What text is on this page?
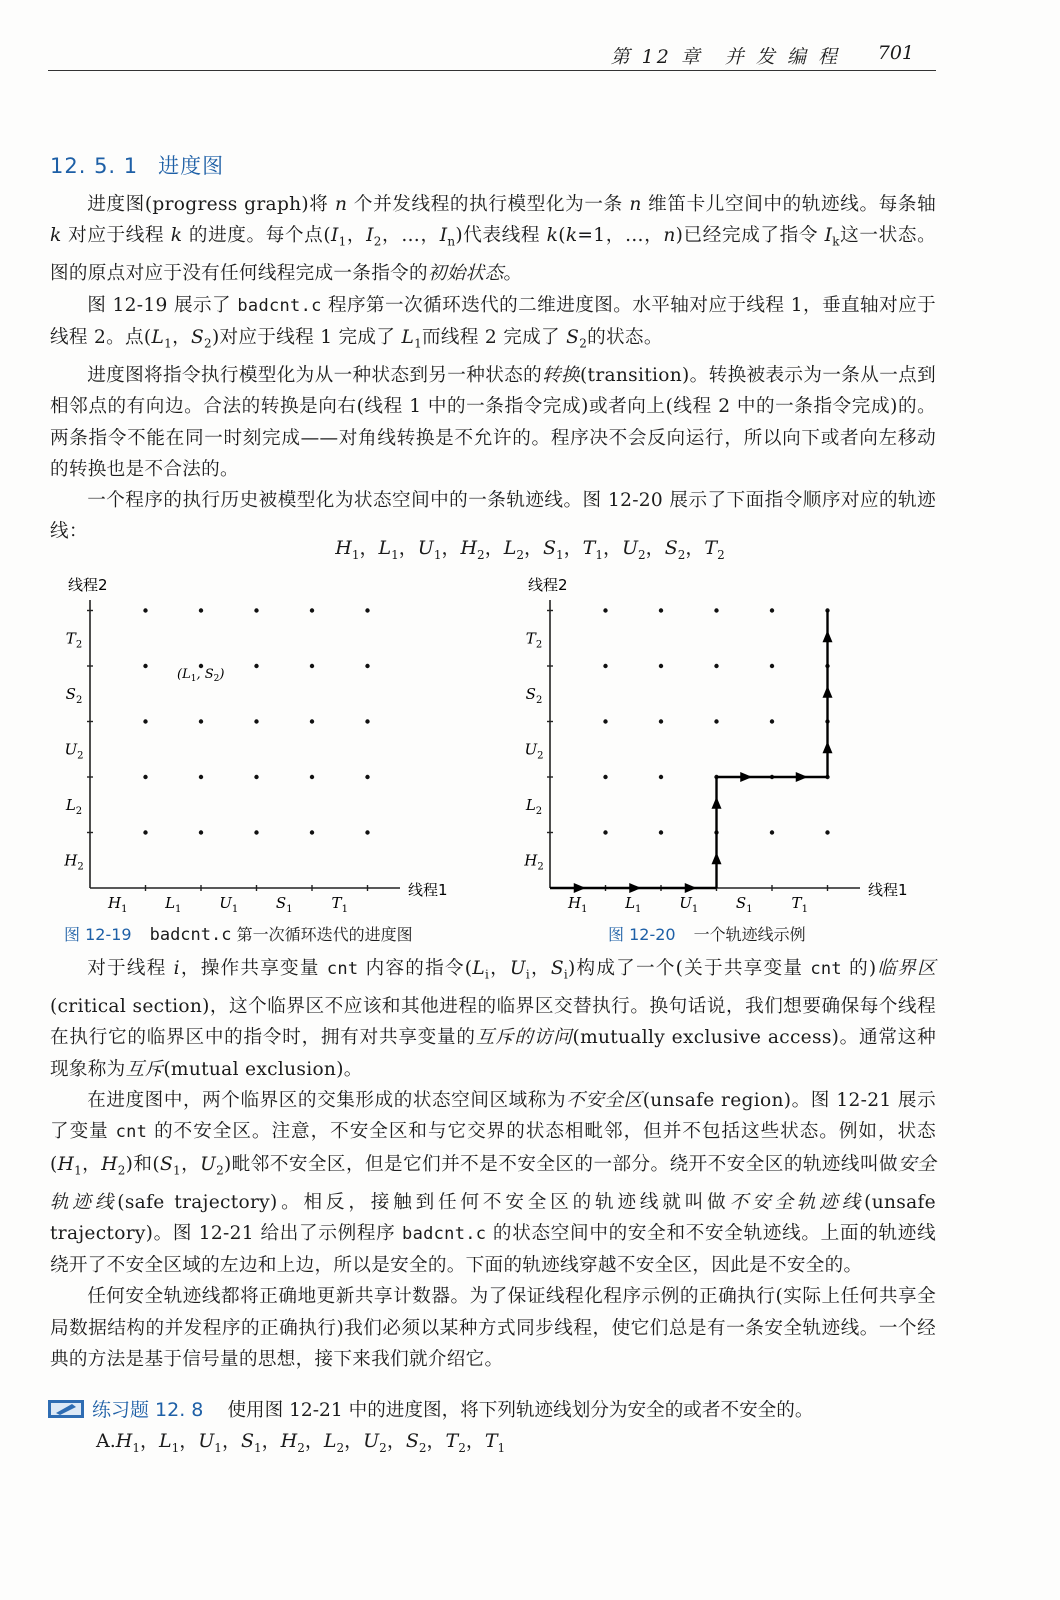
第 12 章　并 发 编 程 701
12. 5. 1 进度图

进度图(progress graph)将 n 个并发线程的执行模型化为一条 n 维笛卡儿空间中的轨迹线。每条轴 k 对应于线程 k 的进度。每个点($I_1$，$I_2$，…，$I_n$)代表线程 k(k=1，…，n)已经完成了指令 $I_k$这一状态。图的原点对应于没有任何线程完成一条指令的初始状态。

图 12-19 展示了 badcnt.c 程序第一次循环迭代的二维进度图。水平轴对应于线程 1，垂直轴对应于线程 2。点($L_1$，$S_2$)对应于线程 1 完成了 $L_1$而线程 2 完成了 $S_2$的状态。

进度图将指令执行模型化为从一种状态到另一种状态的转换(transition)。转换被表示为一条从一点到相邻点的有向边。合法的转换是向右(线程 1 中的一条指令完成)或者向上(线程 2 中的一条指令完成)的。两条指令不能在同一时刻完成——对角线转换是不允许的。程序决不会反向运行，所以向下或者向左移动的转换也是不合法的。

一个程序的执行历史被模型化为状态空间中的一条轨迹线。图 12-20 展示了下面指令顺序对应的轨迹线：

$H_1$，$L_1$，$U_1$，$H_2$，$L_2$，$S_1$，$T_1$，$U_2$，$S_2$，$T_2$
线程2
线程1
$H_1$	$L_1$	$U_1$	$S_1$	$T_1$
$H_2$
$L_2$
$U_2$
$S_2$
$T_2$
($L_1$, $S_2$)
图 12-19 badcnt.c 第一次循环迭代的进度图
线程2
线程1
$H_1$	$L_1$	$U_1$	$S_1$	$T_1$
$H_2$
$L_2$
$U_2$
$S_2$
$T_2$
图 12-20 一个轨迹线示例

对于线程 i，操作共享变量 cnt 内容的指令($L_i$，$U_i$，$S_i$)构成了一个(关于共享变量 cnt 的)临界区(critical section)，这个临界区不应该和其他进程的临界区交替执行。换句话说，我们想要确保每个线程在执行它的临界区中的指令时，拥有对共享变量的互斥的访问(mutually exclusive access)。通常这种现象称为互斥(mutual exclusion)。

在进度图中，两个临界区的交集形成的状态空间区域称为不安全区(unsafe region)。图 12-21 展示了变量 cnt 的不安全区。注意，不安全区和与它交界的状态相毗邻，但并不包括这些状态。例如，状态($H_1$，$H_2$)和($S_1$，$U_2$)毗邻不安全区，但是它们并不是不安全区的一部分。绕开不安全区的轨迹线叫做安全轨迹线(safe trajectory)。相反，接触到任何不安全区的轨迹线就叫做不安全轨迹线(unsafe trajectory)。图 12-21 给出了示例程序 badcnt.c 的状态空间中的安全和不安全轨迹线。上面的轨迹线绕开了不安全区域的左边和上边，所以是安全的。下面的轨迹线穿越不安全区，因此是不安全的。

任何安全轨迹线都将正确地更新共享计数器。为了保证线程化程序示例的正确执行(实际上任何共享全局数据结构的并发程序的正确执行)我们必须以某种方式同步线程，使它们总是有一条安全轨迹线。一个经典的方法是基于信号量的思想，接下来我们就介绍它。

练习题 12. 8 使用图 12-21 中的进度图，将下列轨迹线划分为安全的或者不安全的。
$A.H_1$，$L_1$，$U_1$，$S_1$，$H_2$，$L_2$，$U_2$，$S_2$，$T_2$，$T_1$
